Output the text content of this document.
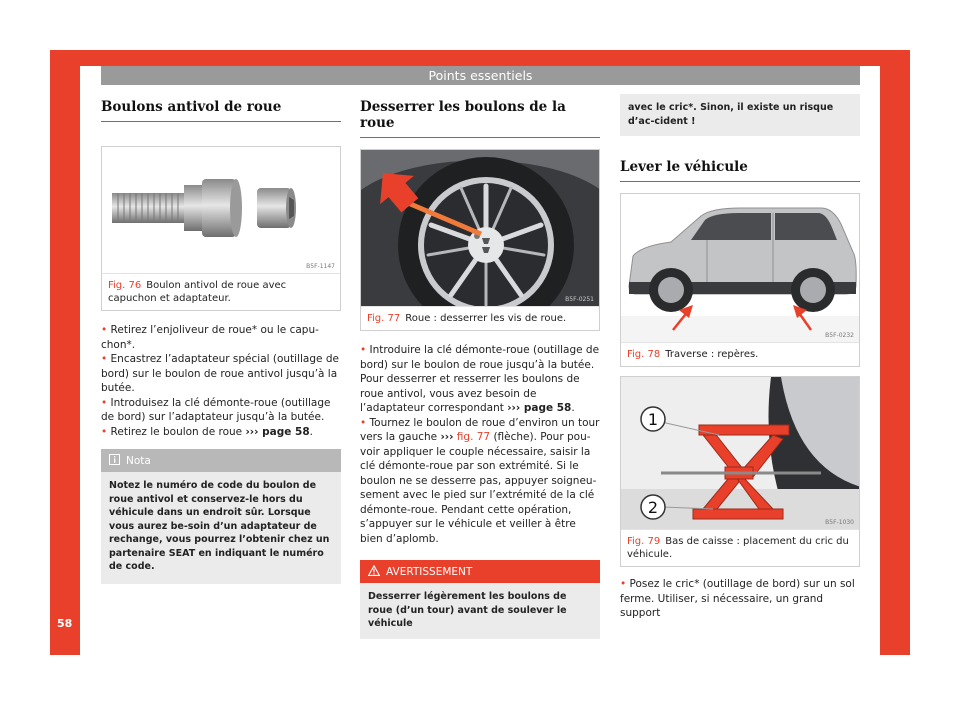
Points essentiels
58
Boulons antivol de roue
B5F-1147
Fig. 76 Boulon antivol de roue avec capuchon et adaptateur.

• Retirez l’enjoliveur de roue* ou le capu-chon*.

• Encastrez l’adaptateur spécial (outillage de bord) sur le boulon de roue antivol jusqu’à la butée.

• Introduisez la clé démonte-roue (outillage de bord) sur l’adaptateur jusqu’à la butée.

• Retirez le boulon de roue ››› page 58.

Nota
Notez le numéro de code du boulon de roue antivol et conservez-le hors du véhicule dans un endroit sûr. Lorsque vous aurez be-soin d’un adaptateur de rechange, vous pourrez l’obtenir chez un partenaire SEAT en indiquant le numéro de code.
Desserrer les boulons de la roue
B5F-0251
Fig. 77 Roue : desserrer les vis de roue.

• Introduire la clé démonte-roue (outillage de bord) sur le boulon de roue jusqu’à la butée. Pour desserrer et resserrer les boulons de roue antivol, vous avez besoin de l’adaptateur correspondant ››› page 58.

• Tournez le boulon de roue d’environ un tour vers la gauche ››› fig. 77 (flèche). Pour pou-voir appliquer le couple nécessaire, saisir la clé démonte-roue par son extrémité. Si le boulon ne se desserre pas, appuyer soigneu-sement avec le pied sur l’extrémité de la clé démonte-roue. Pendant cette opération, s’appuyer sur le véhicule et veiller à être bien d’aplomb.

AVERTISSEMENT
Desserrer légèrement les boulons de roue (d’un tour) avant de soulever le véhicule
avec le cric*. Sinon, il existe un risque d’ac-cident !
Lever le véhicule
B5F-0232
Fig. 78 Traverse : repères.
1
2
B5F-1030
Fig. 79 Bas de caisse : placement du cric du véhicule.

• Posez le cric* (outillage de bord) sur un sol ferme. Utiliser, si nécessaire, un grand support
